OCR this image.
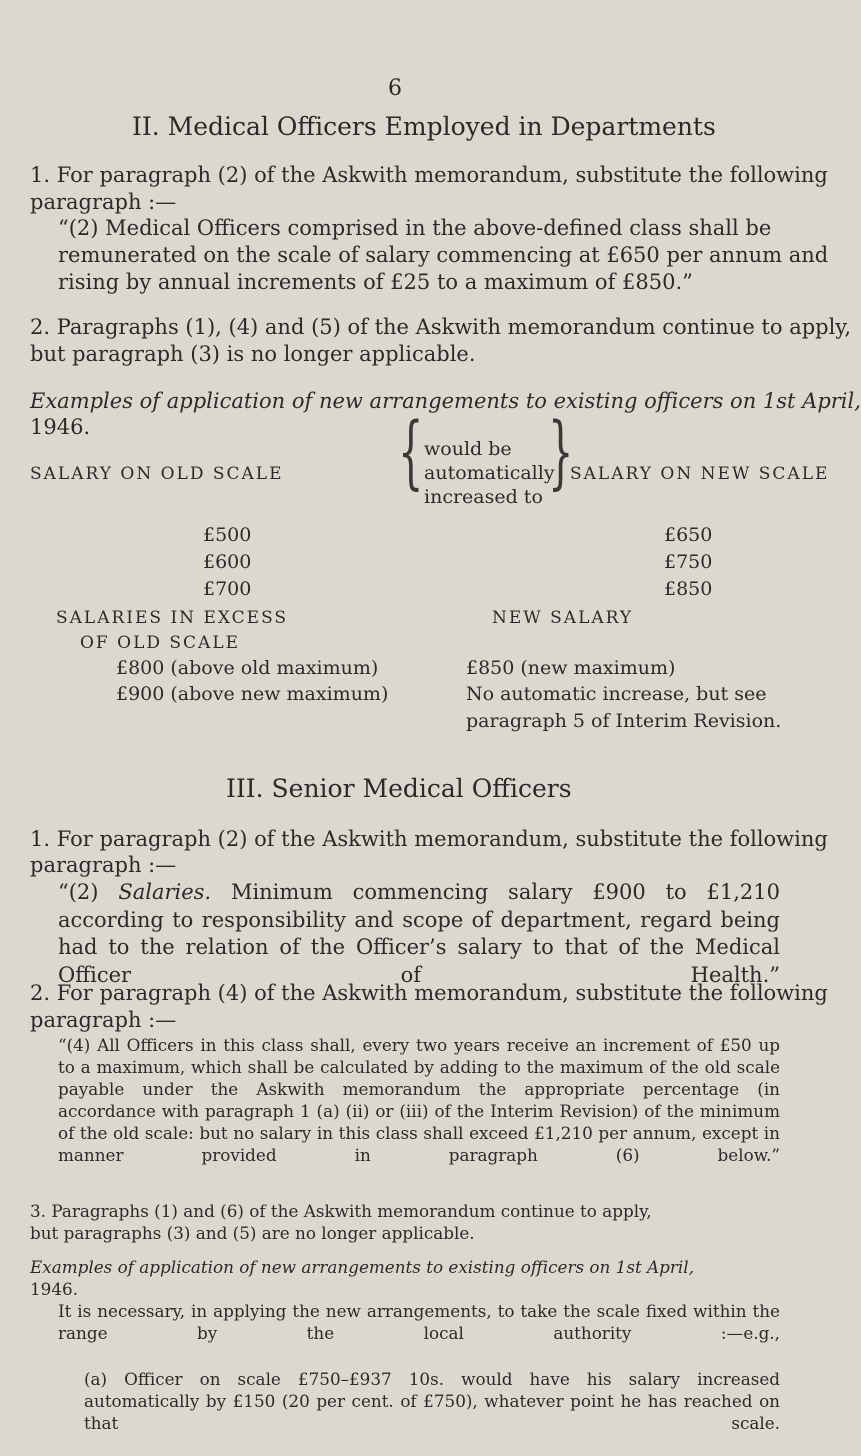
6
II. Medical Officers Employed in Departments
1. For paragraph (2) of the Askwith memorandum, substitute the following
paragraph :—
“(2) Medical Officers comprised in the above-defined class shall be
remunerated on the scale of salary commencing at £650 per annum and
rising by annual increments of £25 to a maximum of £850.”
2. Paragraphs (1), (4) and (5) of the Askwith memorandum continue to apply,
but paragraph (3) is no longer applicable.
Examples of application of new arrangements to existing officers on 1st April,
1946.
SALARY ON OLD SCALE { would be
automatically
increased to }
SALARY ON NEW SCALE
£500	£650
£600	£750
£700	£850
SALARIES IN EXCESS
OF OLD SCALE
NEW SALARY
£800 (above old maximum)	£850 (new maximum)
£900 (above new maximum)	No automatic increase, but see
paragraph 5 of Interim Revision.
III. Senior Medical Officers
1. For paragraph (2) of the Askwith memorandum, substitute the following
paragraph :—
“(2) Salaries. Minimum commencing salary £900 to £1,210 according to responsibility and scope of department, regard being had to the relation of the Officer’s salary to that of the Medical Officer of Health.”
2. For paragraph (4) of the Askwith memorandum, substitute the following
paragraph :—
“(4) All Officers in this class shall, every two years receive an increment of £50 up to a maximum, which shall be calculated by adding to the maximum of the old scale payable under the Askwith memorandum the appropriate percentage (in accordance with paragraph 1 (a) (ii) or (iii) of the Interim Revision) of the minimum of the old scale: but no salary in this class shall exceed £1,210 per annum, except in manner provided in paragraph (6) below.”
3. Paragraphs (1) and (6) of the Askwith memorandum continue to apply,
but paragraphs (3) and (5) are no longer applicable.
Examples of application of new arrangements to existing officers on 1st April,
1946.
It is necessary, in applying the new arrangements, to take the scale fixed within the range by the local authority :—e.g.,
(a) Officer on scale £750–£937 10s. would have his salary increased automatically by £150 (20 per cent. of £750), whatever point he has reached on that scale.
